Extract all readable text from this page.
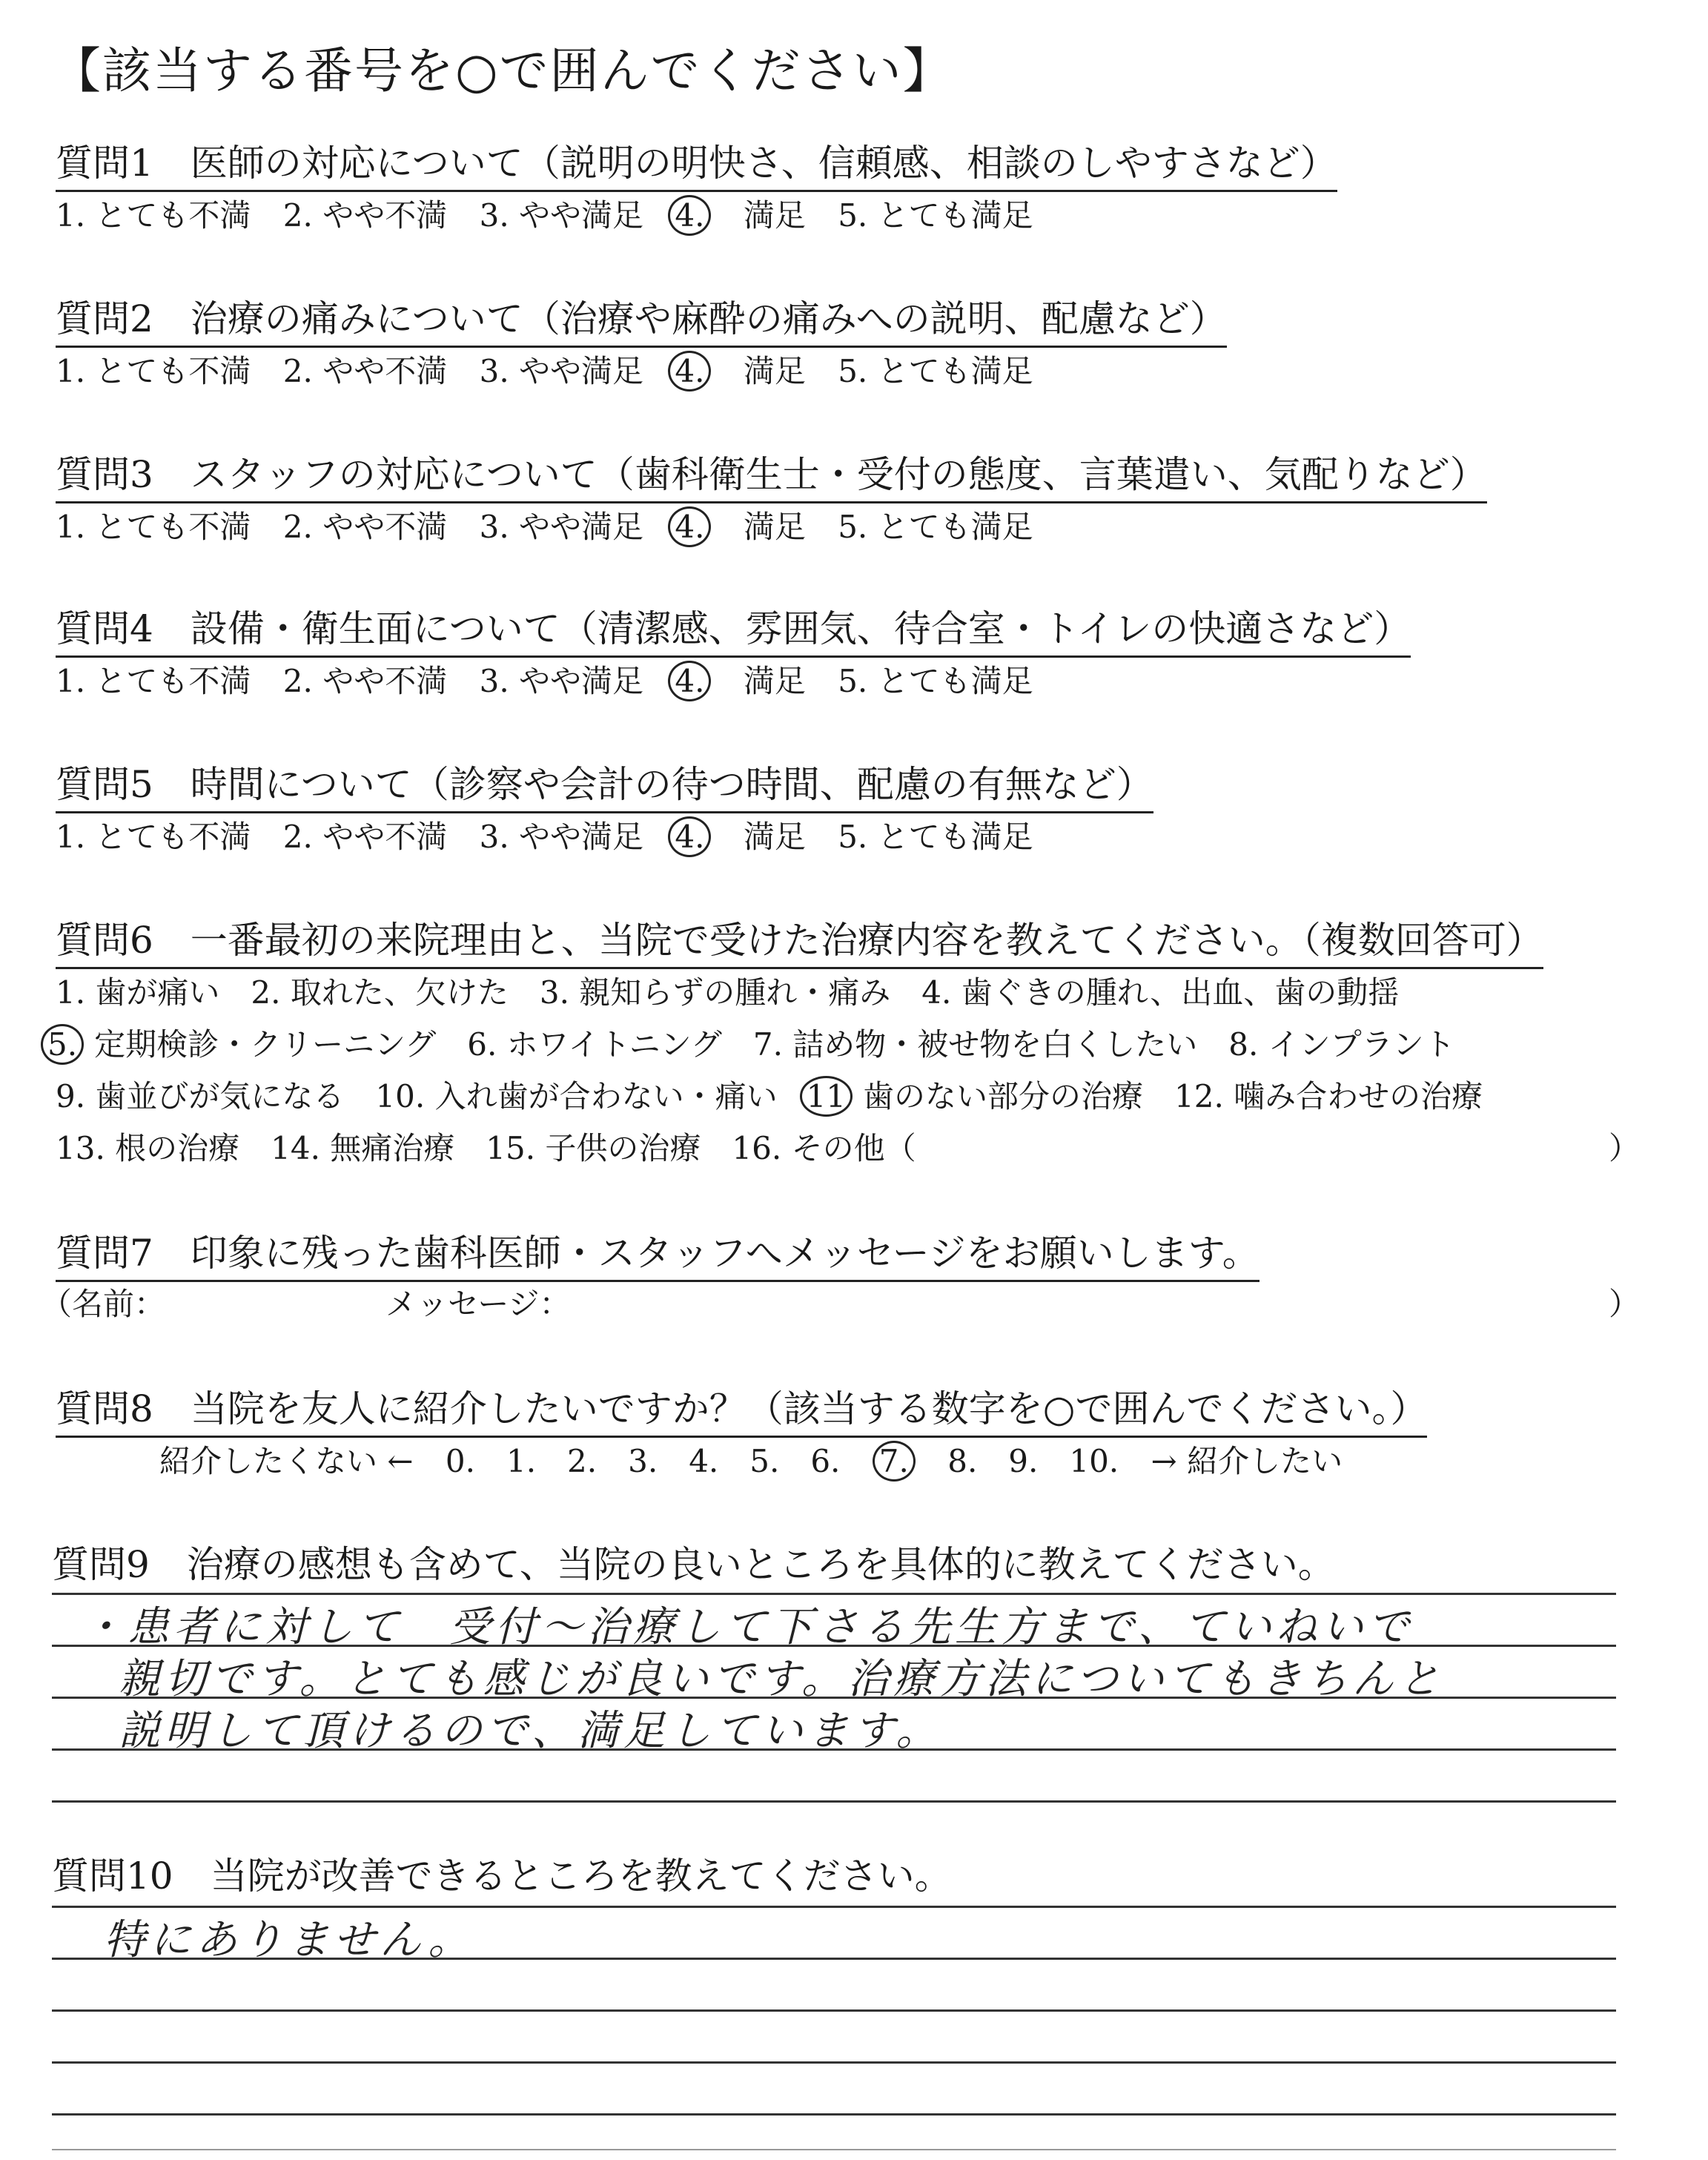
【該当する番号を○で囲んでください】
質問1　医師の対応について（説明の明快さ、信頼感、相談のしやすさなど）
1. とても不満 2. やや不満 3. やや満足 4. 満足 5. とても満足
質問2　治療の痛みについて（治療や麻酔の痛みへの説明、配慮など）
1. とても不満 2. やや不満 3. やや満足 4. 満足 5. とても満足
質問3　スタッフの対応について（歯科衛生士・受付の態度、言葉遣い、気配りなど）
1. とても不満 2. やや不満 3. やや満足 4. 満足 5. とても満足
質問4　設備・衛生面について（清潔感、雰囲気、待合室・トイレの快適さなど）
1. とても不満 2. やや不満 3. やや満足 4. 満足 5. とても満足
質問5　時間について（診察や会計の待つ時間、配慮の有無など）
1. とても不満 2. やや不満 3. やや満足 4. 満足 5. とても満足
質問6　一番最初の来院理由と、当院で受けた治療内容を教えてください。（複数回答可）
1. 歯が痛い　2. 取れた、欠けた　3. 親知らずの腫れ・痛み　4. 歯ぐきの腫れ、出血、歯の動揺
5. 定期検診・クリーニング　6. ホワイトニング　7. 詰め物・被せ物を白くしたい　8. インプラント
9. 歯並びが気になる　10. 入れ歯が合わない・痛い 11 歯のない部分の治療　12. 噛み合わせの治療
13. 根の治療　14. 無痛治療　15. 子供の治療　16. その他（	）
質問7　印象に残った歯科医師・スタッフへメッセージをお願いします。
（名前：	メッセージ：	）
質問8　当院を友人に紹介したいですか？（該当する数字を○で囲んでください。）
紹介したくない ← 0.　1.　2.　3.　4.　5.　6. 7. 8.　9.　10. → 紹介したい
質問9　治療の感想も含めて、当院の良いところを具体的に教えてください。
・患者に対して　受付〜治療して下さる先生方まで、ていねいで
親切です。とても感じが良いです。治療方法についてもきちんと
説明して頂けるので、満足しています。
質問10　当院が改善できるところを教えてください。
特にありません。
